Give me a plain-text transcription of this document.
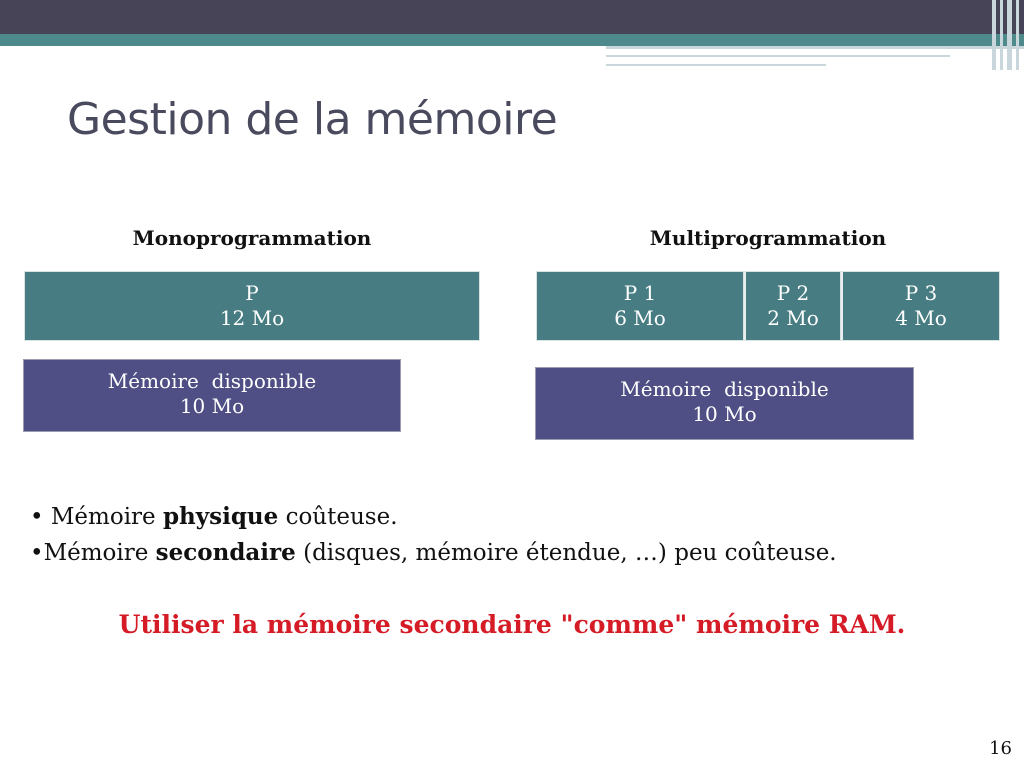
Gestion de la mémoire
Monoprogrammation
P
12 Mo
Mémoire  disponible
10 Mo
Multiprogrammation
P 1
6 Mo
P 2
2 Mo
P 3
4 Mo
Mémoire  disponible
10 Mo
• Mémoire physique coûteuse.
•Mémoire secondaire (disques, mémoire étendue, …) peu coûteuse.
Utiliser la mémoire secondaire "comme" mémoire RAM.
16
